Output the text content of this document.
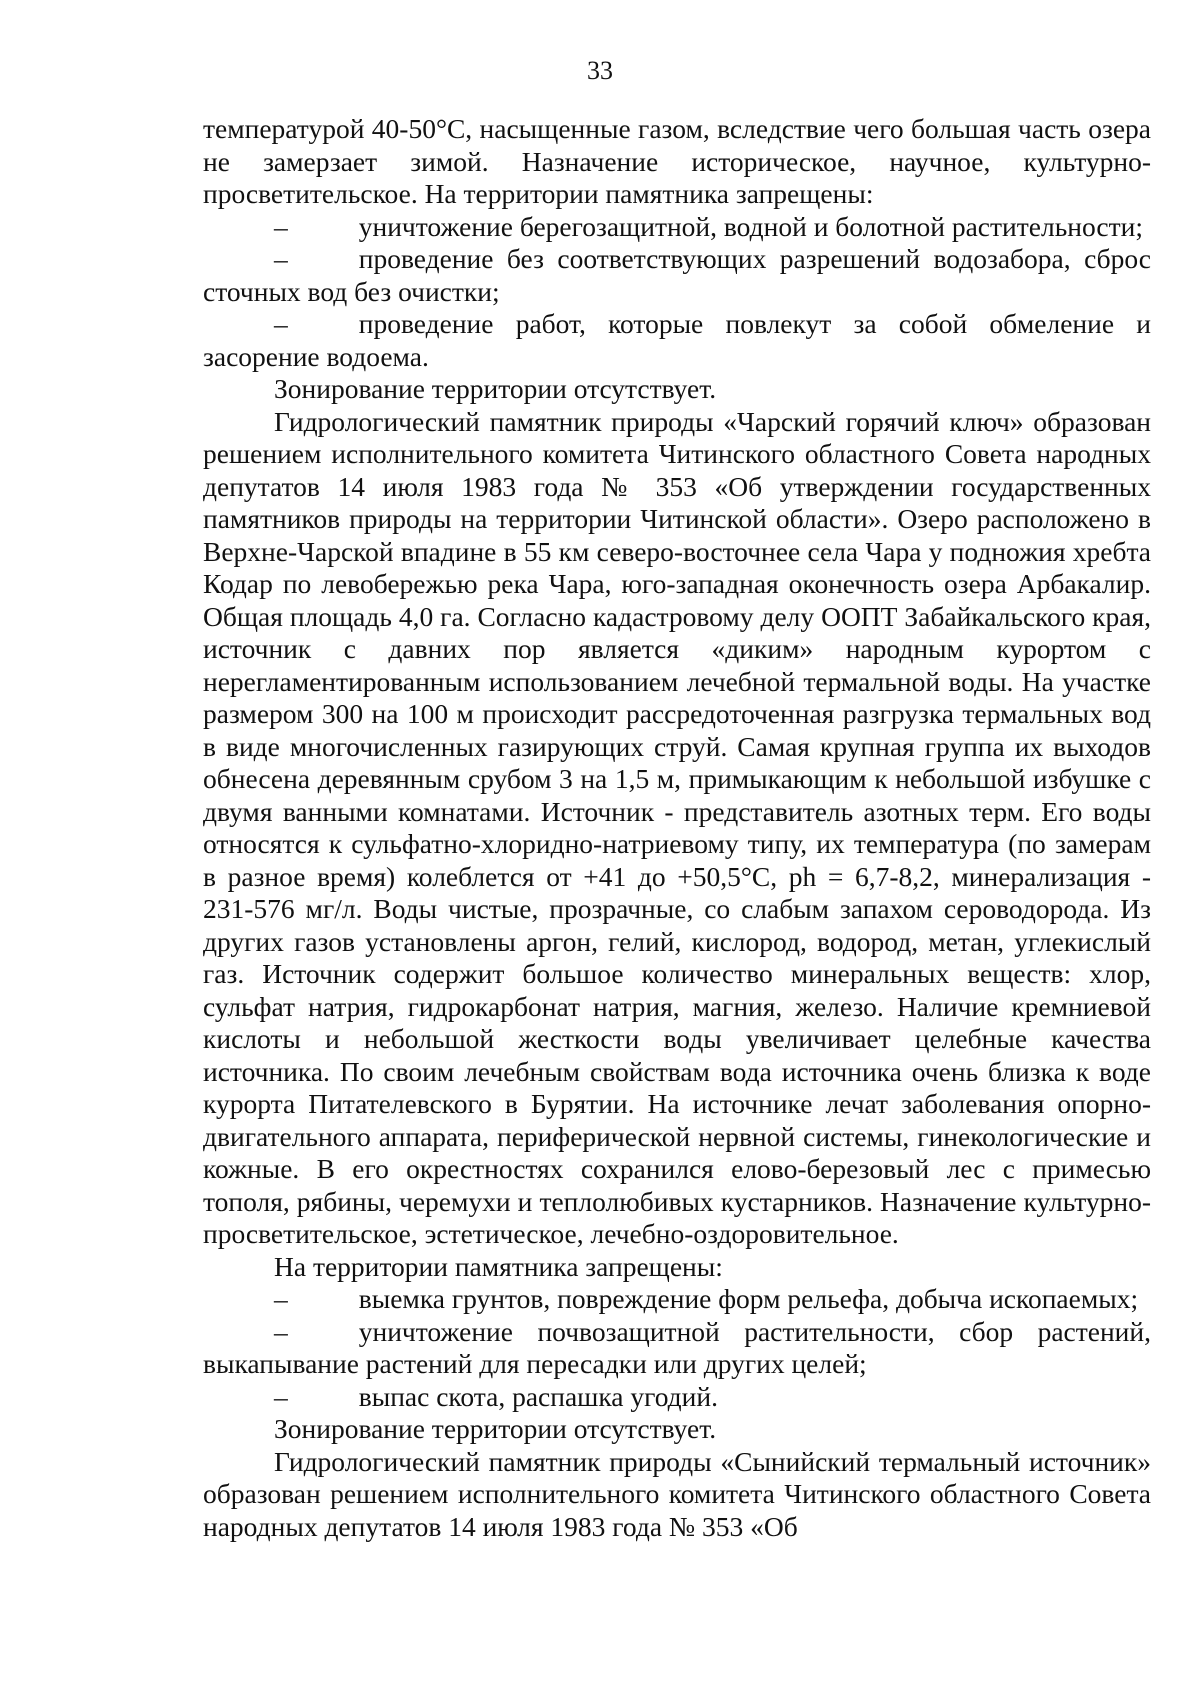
33

температурой 40-50°С, насыщенные газом, вследствие чего большая часть озера не замерзает зимой. Назначение историческое, научное, культурно-просветительское. На территории памятника запрещены:

–	уничтожение берегозащитной, водной и болотной растительности;

–	проведение без соответствующих разрешений водозабора, сброс сточных вод без очистки;

–	проведение работ, которые повлекут за собой обмеление и засорение водоема.

Зонирование территории отсутствует.

Гидрологический памятник природы «Чарский горячий ключ» образован решением исполнительного комитета Читинского областного Совета народных депутатов 14 июля 1983 года № 353 «Об утверждении государственных памятников природы на территории Читинской области». Озеро расположено в Верхне-Чарской впадине в 55 км северо-восточнее села Чара у подножия хребта Кодар по левобережью река Чара, юго-западная оконечность озера Арбакалир. Общая площадь 4,0 га. Согласно кадастровому делу ООПТ Забайкальского края, источник с давних пор является «диким» народным курортом с нерегламентированным использованием лечебной термальной воды. На участке размером 300 на 100 м происходит рассредоточенная разгрузка термальных вод в виде многочисленных газирующих струй. Самая крупная группа их выходов обнесена деревянным срубом 3 на 1,5 м, примыкающим к небольшой избушке с двумя ванными комнатами. Источник - представитель азотных терм. Его воды относятся к сульфатно-хлоридно-натриевому типу, их температура (по замерам в разное время) колеблется от +41 до +50,5°С, ph = 6,7-8,2, минерализация - 231-576 мг/л. Воды чистые, прозрачные, со слабым запахом сероводорода. Из других газов установлены аргон, гелий, кислород, водород, метан, углекислый газ. Источник содержит большое количество минеральных веществ: хлор, сульфат натрия, гидрокарбонат натрия, магния, железо. Наличие кремниевой кислоты и небольшой жесткости воды увеличивает целебные качества источника. По своим лечебным свойствам вода источника очень близка к воде курорта Питателевского в Бурятии. На источнике лечат заболевания опорно-двигательного аппарата, периферической нервной системы, гинекологические и кожные. В его окрестностях сохранился елово-березовый лес с примесью тополя, рябины, черемухи и теплолюбивых кустарников. Назначение культурно-просветительское, эстетическое, лечебно-оздоровительное.

На территории памятника запрещены:

–	выемка грунтов, повреждение форм рельефа, добыча ископаемых;

–	уничтожение почвозащитной растительности, сбор растений, выкапывание растений для пересадки или других целей;

–	выпас скота, распашка угодий.

Зонирование территории отсутствует.

Гидрологический памятник природы «Сынийский термальный источник» образован решением исполнительного комитета Читинского областного Совета народных депутатов 14 июля 1983 года № 353 «Об
